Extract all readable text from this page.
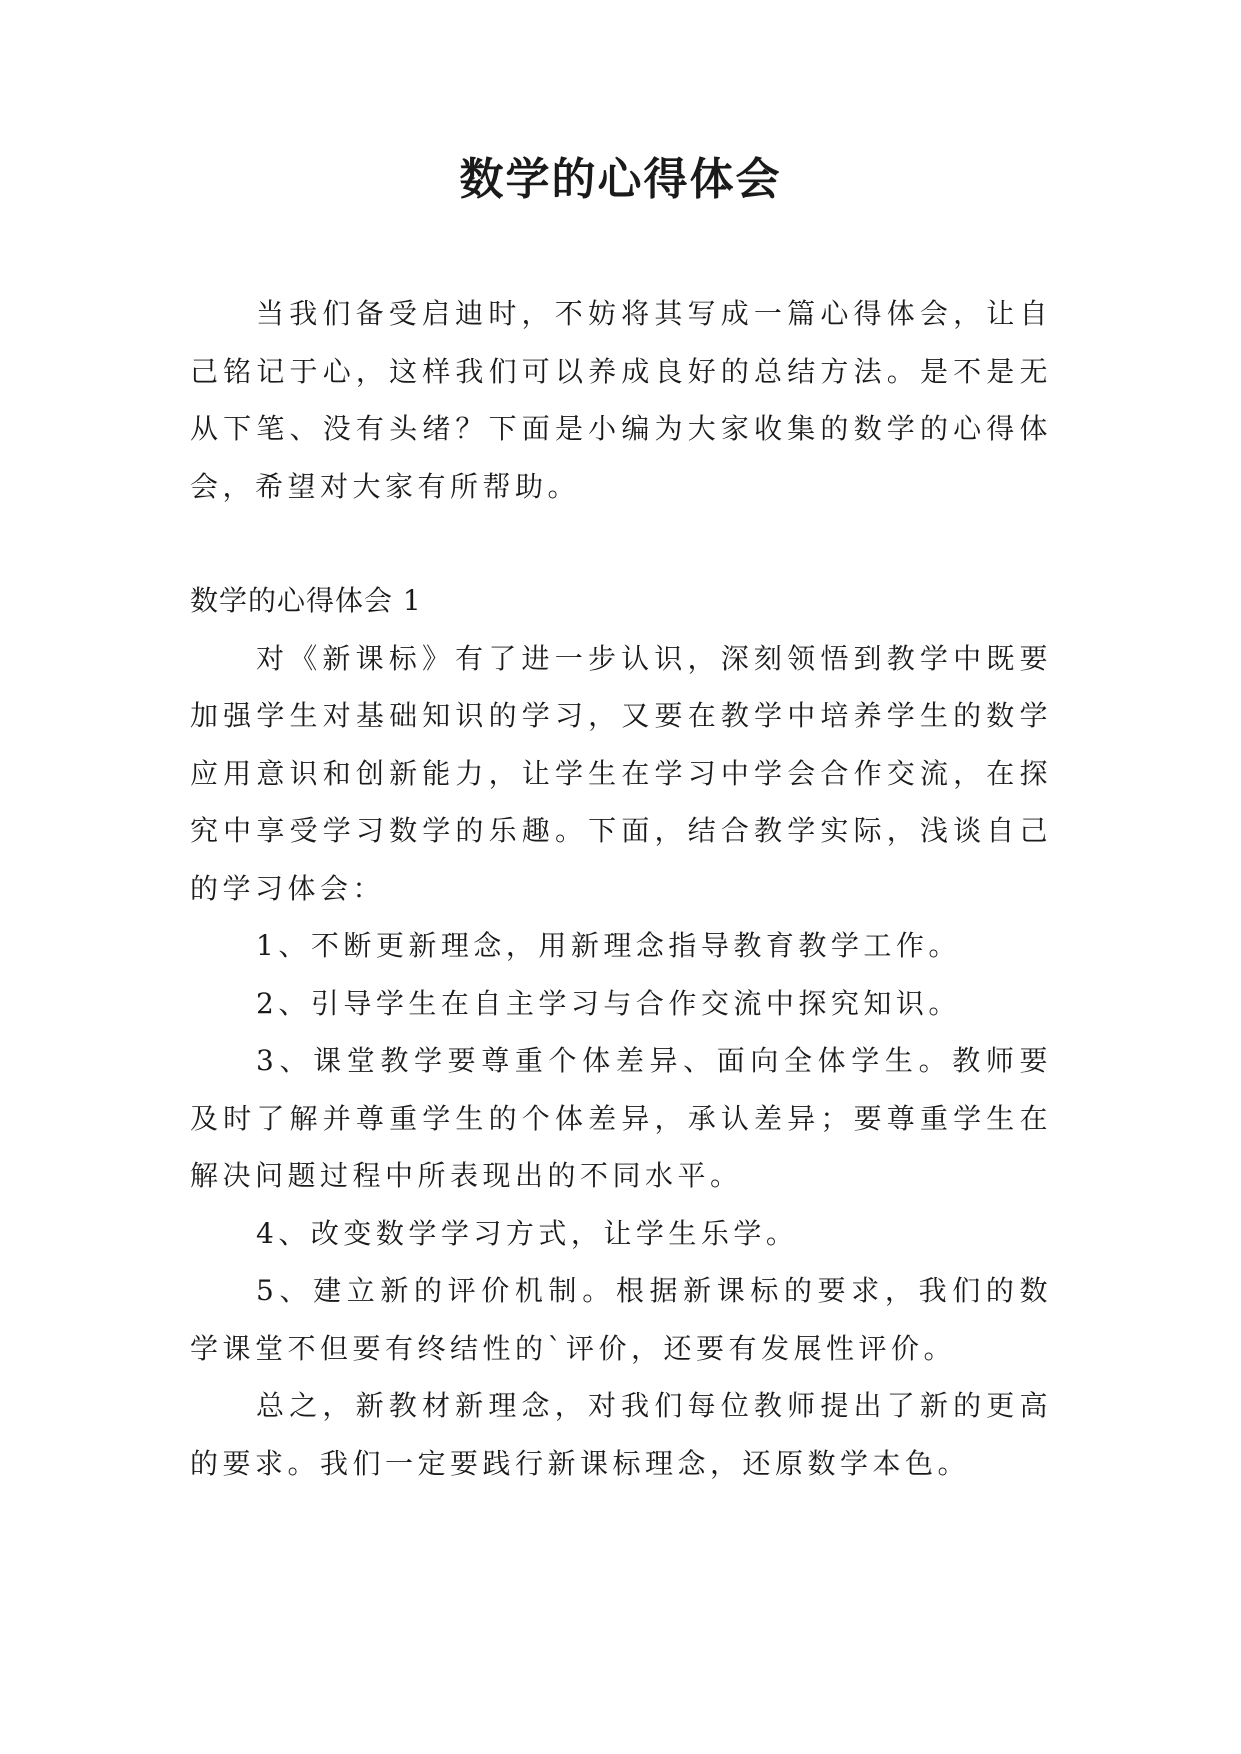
数学的心得体会

当我们备受启迪时，不妨将其写成一篇心得体会，让自己铭记于心，这样我们可以养成良好的总结方法。是不是无从下笔、没有头绪？下面是小编为大家收集的数学的心得体会，希望对大家有所帮助。

数学的心得体会 1

对《新课标》有了进一步认识，深刻领悟到教学中既要加强学生对基础知识的学习，又要在教学中培养学生的数学应用意识和创新能力，让学生在学习中学会合作交流，在探究中享受学习数学的乐趣。下面，结合教学实际，浅谈自己的学习体会：

1、不断更新理念，用新理念指导教育教学工作。

2、引导学生在自主学习与合作交流中探究知识。

3、课堂教学要尊重个体差异、面向全体学生。教师要及时了解并尊重学生的个体差异，承认差异；要尊重学生在解决问题过程中所表现出的不同水平。

4、改变数学学习方式，让学生乐学。

5、建立新的评价机制。根据新课标的要求，我们的数学课堂不但要有终结性的`评价，还要有发展性评价。

总之，新教材新理念，对我们每位教师提出了新的更高的要求。我们一定要践行新课标理念，还原数学本色。
